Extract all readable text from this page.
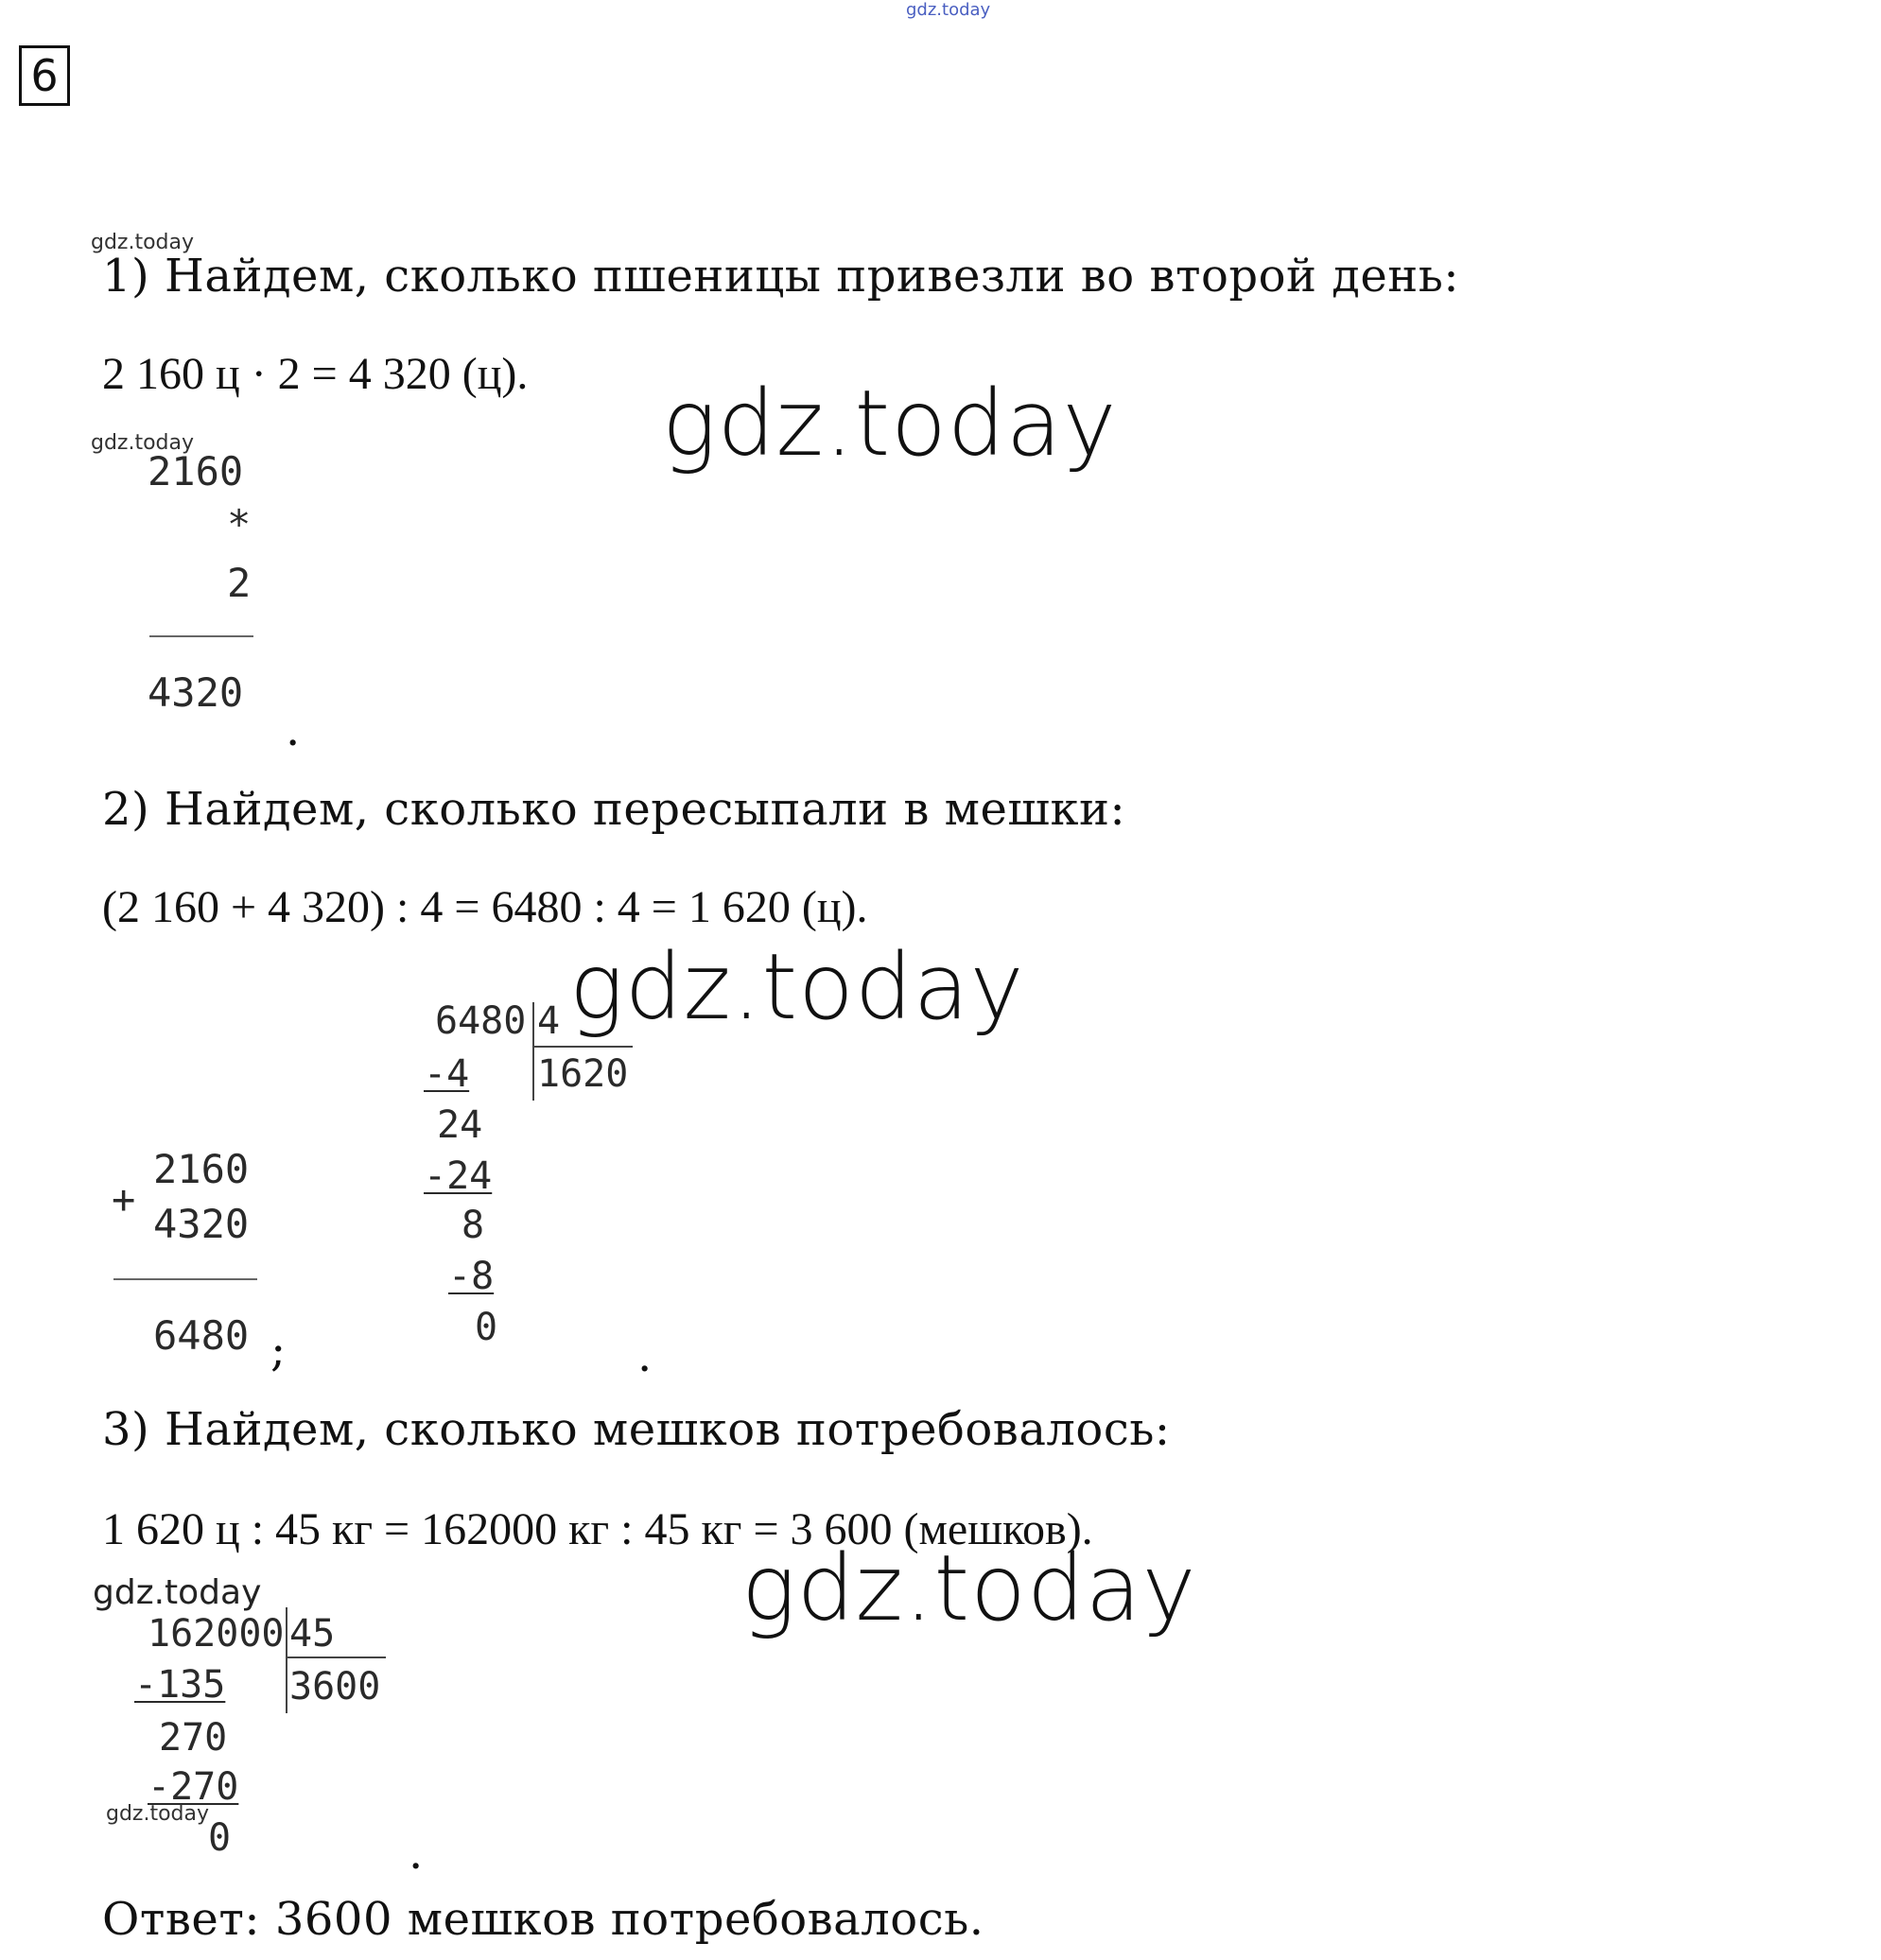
gdz.today
6
gdz.today
1) Найдем, сколько пшеницы привезли во второй день:
2 160 ц · 2 = 4 320 (ц). gdz.today
gdz.today
2160
*
2
4320
.
2) Найдем, сколько пересыпали в мешки:
(2 160 + 4 320) : 4 = 6480 : 4 = 1 620 (ц).
gdz.today
6480 4
1620
-4
24
-24
8
-8
0
.
2160
+
4320
6480 ;
3) Найдем, сколько мешков потребовалось:
1 620 ц : 45 кг = 162000 кг : 45 кг = 3 600 (мешков).
gdz.today
gdz.today
162000 45
3600
-135
270
-270
gdz.today
0	.
Ответ: 3600 мешков потребовалось.
